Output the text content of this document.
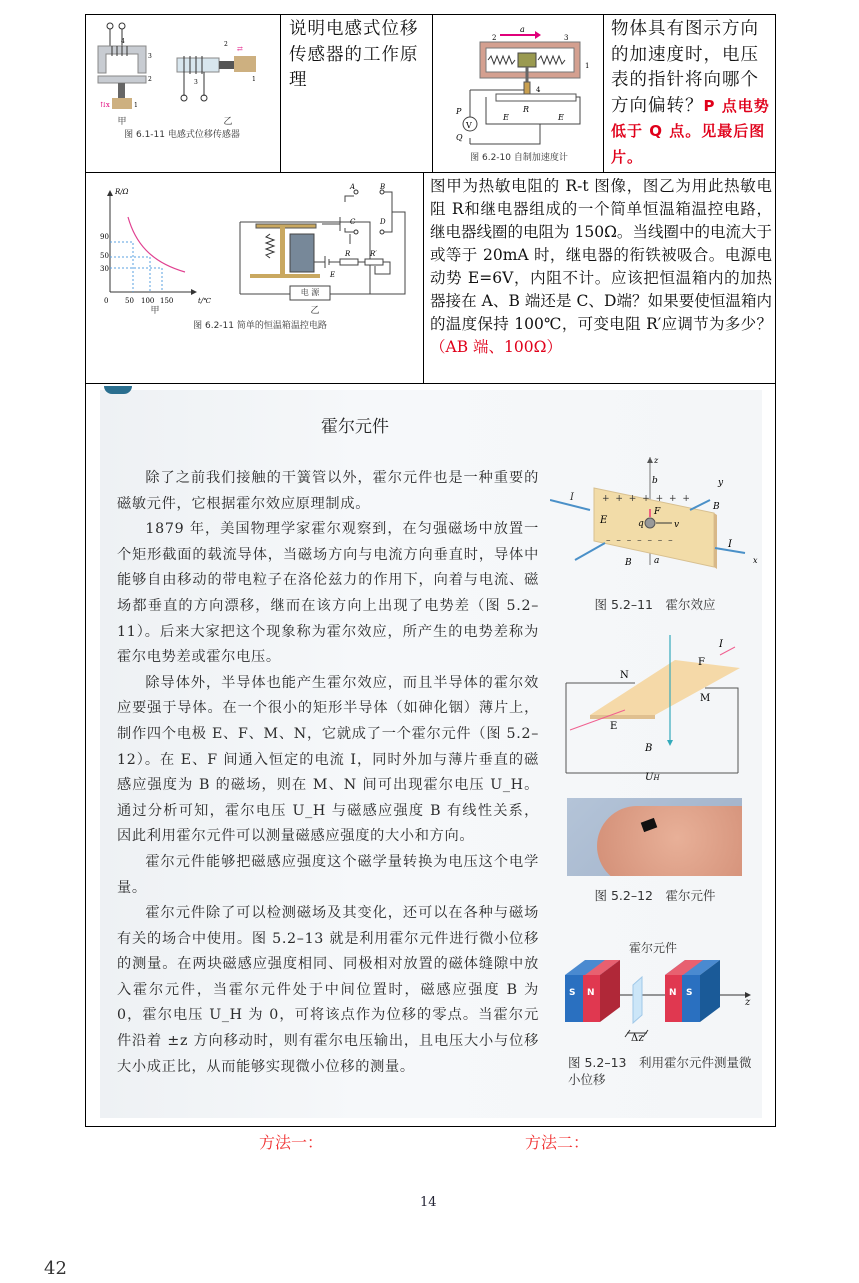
⇅x	1
3
2
4
⇄
1
2
3
甲	乙
图 6.1-11 电感式位移传感器
说明电感式位移传感器的工作原理
a
V
P
Q
R
E	E
2	3
1
4
图 6.2-10 自制加速度计
物体具有图示方向的加速度时，电压表的指针将向哪个方向偏转？P 点电势低于 Q 点。见最后图片。
R/Ω
90
50
30
0 50 100 150	t/℃
A	B
C	D
R	R′
E
电 源
甲	乙
图 6.2-11 简单的恒温箱温控电路
图甲为热敏电阻的 R-t 图像，图乙为用此热敏电阻 R和继电器组成的一个简单恒温箱温控电路，继电器线圈的电阻为 150Ω。当线圈中的电流大于或等于 20mA 时，继电器的衔铁被吸合。电源电动势 E=6V，内阻不计。应该把恒温箱内的加热器接在 A、B 端还是 C、D端？如果要使恒温箱内的温度保持 100℃，可变电阻 R′应调节为多少？（AB 端、100Ω）
霍尔元件

除了之前我们接触的干簧管以外，霍尔元件也是一种重要的磁敏元件，它根据霍尔效应原理制成。

1879 年，美国物理学家霍尔观察到，在匀强磁场中放置一个矩形截面的载流导体，当磁场方向与电流方向垂直时，导体中能够自由移动的带电粒子在洛伦兹力的作用下，向着与电流、磁场都垂直的方向漂移，继而在该方向上出现了电势差（图 5.2–11）。后来大家把这个现象称为霍尔效应，所产生的电势差称为霍尔电势差或霍尔电压。

除导体外，半导体也能产生霍尔效应，而且半导体的霍尔效应要强于导体。在一个很小的矩形半导体（如砷化铟）薄片上，制作四个电极 E、F、M、N，它就成了一个霍尔元件（图 5.2–12）。在 E、F 间通入恒定的电流 I，同时外加与薄片垂直的磁感应强度为 B 的磁场，则在 M、N 间可出现霍尔电压 U_H。通过分析可知，霍尔电压 U_H 与磁感应强度 B 有线性关系，因此利用霍尔元件可以测量磁感应强度的大小和方向。

霍尔元件能够把磁感应强度这个磁学量转换为电压这个电学量。

霍尔元件除了可以检测磁场及其变化，还可以在各种与磁场有关的场合中使用。图 5.2–13 就是利用霍尔元件进行微小位移的测量。在两块磁感应强度相同、同极相对放置的磁体缝隙中放入霍尔元件，当霍尔元件处于中间位置时，磁感应强度 B 为 0，霍尔电压 U_H 为 0，可将该点作为位移的零点。当霍尔元件沿着 ±z 方向移动时，则有霍尔电压输出，且电压大小与位移大小成正比，从而能够实现微小位移的测量。

+ + + + + + +
– – – – – – –
I
E	q
F
v
b
a
z
y
B
I
x
B
图 5.2–11　霍尔效应
N
F
I
M
E
B
UH
图 5.2–12　霍尔元件
S N	N S
霍尔元件
z
Δz
图 5.2–13　利用霍尔元件测量微小位移
方法一：	方法二：
14
42
